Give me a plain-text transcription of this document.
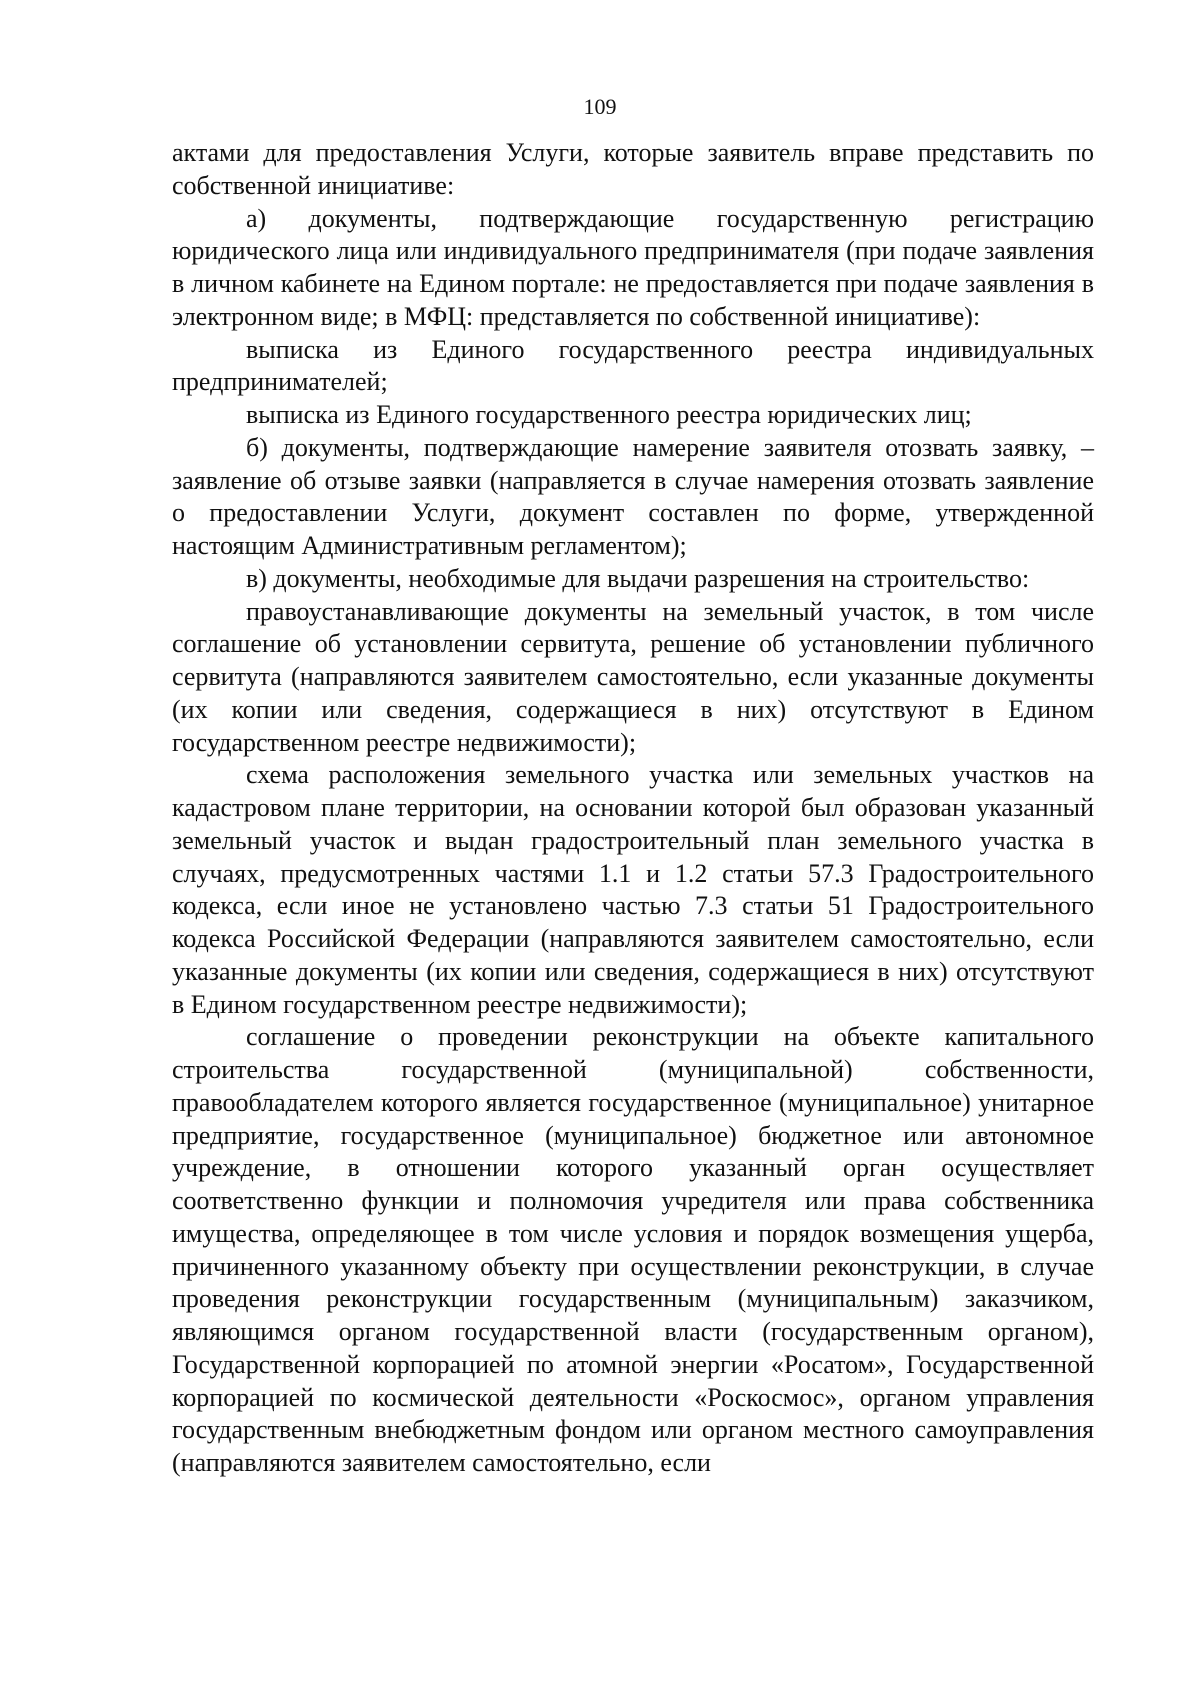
109

актами для предоставления Услуги, которые заявитель вправе представить по собственной инициативе:

а) документы, подтверждающие государственную регистрацию юридического лица или индивидуального предпринимателя (при подаче заявления в личном кабинете на Едином портале: не предоставляется при подаче заявления в электронном виде; в МФЦ: представляется по собственной инициативе):

выписка из Единого государственного реестра индивидуальных предпринимателей;

выписка из Единого государственного реестра юридических лиц;

б) документы, подтверждающие намерение заявителя отозвать заявку, – заявление об отзыве заявки (направляется в случае намерения отозвать заявление о предоставлении Услуги, документ составлен по форме, утвержденной настоящим Административным регламентом);

в) документы, необходимые для выдачи разрешения на строительство:

правоустанавливающие документы на земельный участок, в том числе соглашение об установлении сервитута, решение об установлении публичного сервитута (направляются заявителем самостоятельно, если указанные документы (их копии или сведения, содержащиеся в них) отсутствуют в Едином государственном реестре недвижимости);

схема расположения земельного участка или земельных участков на кадастровом плане территории, на основании которой был образован указанный земельный участок и выдан градостроительный план земельного участка в случаях, предусмотренных частями 1.1 и 1.2 статьи 57.3 Градостроительного кодекса, если иное не установлено частью 7.3 статьи 51 Градостроительного кодекса Российской Федерации (направляются заявителем самостоятельно, если указанные документы (их копии или сведения, содержащиеся в них) отсутствуют в Едином государственном реестре недвижимости);

соглашение о проведении реконструкции на объекте капитального строительства государственной (муниципальной) собственности, правообладателем которого является государственное (муниципальное) унитарное предприятие, государственное (муниципальное) бюджетное или автономное учреждение, в отношении которого указанный орган осуществляет соответственно функции и полномочия учредителя или права собственника имущества, определяющее в том числе условия и порядок возмещения ущерба, причиненного указанному объекту при осуществлении реконструкции, в случае проведения реконструкции государственным (муниципальным) заказчиком, являющимся органом государственной власти (государственным органом), Государственной корпорацией по атомной энергии «Росатом», Государственной корпорацией по космической деятельности «Роскосмос», органом управления государственным внебюджетным фондом или органом местного самоуправления (направляются заявителем самостоятельно, если
